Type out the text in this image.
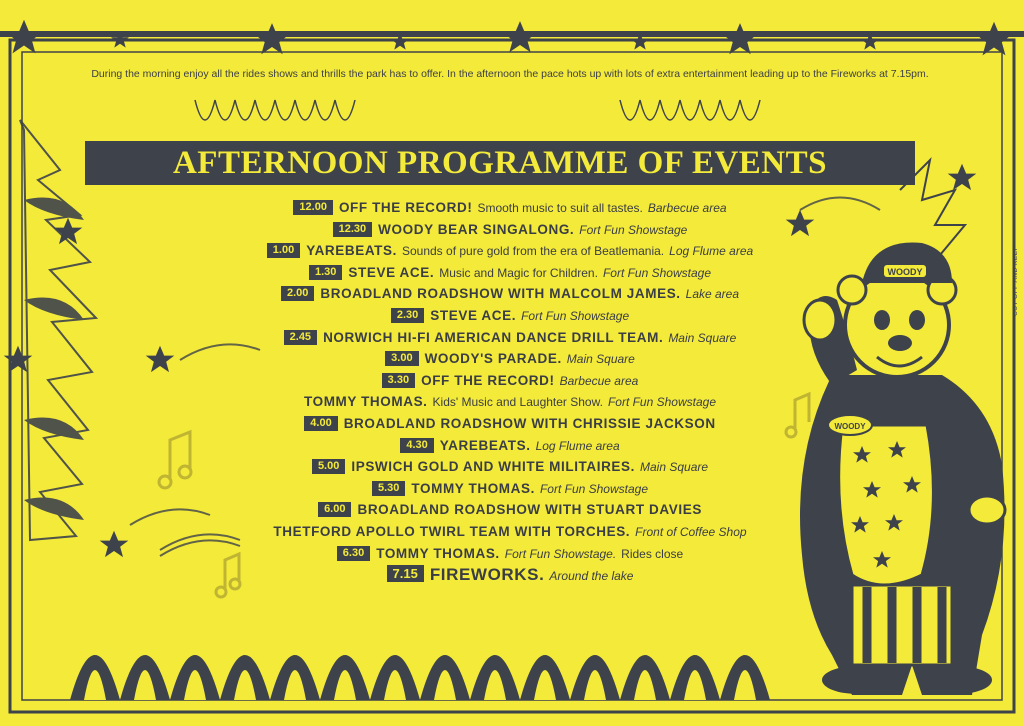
During the morning enjoy all the rides shows and thrills the park has to offer. In the afternoon the pace hots up with lots of extra entertainment leading up to the Fireworks at 7.15pm.
AFTERNOON PROGRAMME OF EVENTS
CUT OFF AND KEEP
12.00 OFF THE RECORD! Smooth music to suit all tastes. Barbecue area
12.30 WOODY BEAR SINGALONG. Fort Fun Showstage
1.00 YAREBEATS. Sounds of pure gold from the era of Beatlemania. Log Flume area
1.30 STEVE ACE. Music and Magic for Children. Fort Fun Showstage
2.00 BROADLAND ROADSHOW WITH MALCOLM JAMES. Lake area
2.30 STEVE ACE. Fort Fun Showstage
2.45 NORWICH HI-FI AMERICAN DANCE DRILL TEAM. Main Square
3.00 WOODY'S PARADE. Main Square
3.30 OFF THE RECORD! Barbecue area
TOMMY THOMAS. Kids' Music and Laughter Show. Fort Fun Showstage
4.00 BROADLAND ROADSHOW WITH CHRISSIE JACKSON
4.30 YAREBEATS. Log Flume area
5.00 IPSWICH GOLD AND WHITE MILITAIRES. Main Square
5.30 TOMMY THOMAS. Fort Fun Showstage
6.00 BROADLAND ROADSHOW WITH STUART DAVIES
THETFORD APOLLO TWIRL TEAM WITH TORCHES. Front of Coffee Shop
6.30 TOMMY THOMAS. Fort Fun Showstage. Rides close
7.15 FIREWORKS. Around the lake
WOODY
WOODY
